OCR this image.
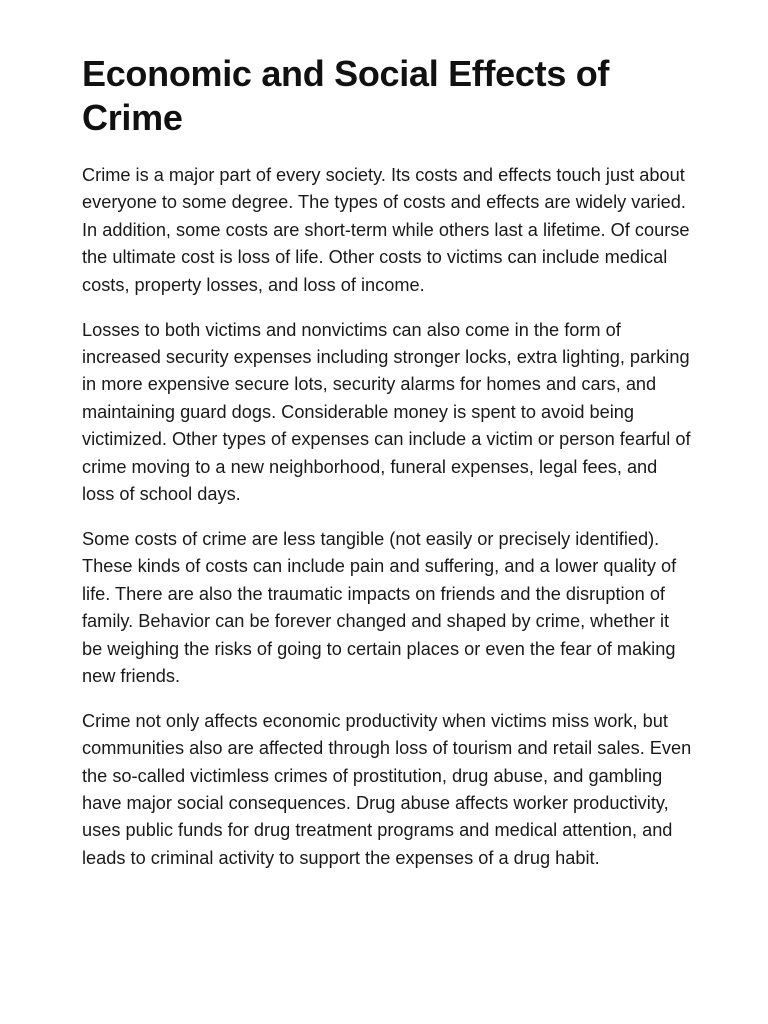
Economic and Social Effects of Crime

Crime is a major part of every society. Its costs and effects touch just about everyone to some degree. The types of costs and effects are widely varied. In addition, some costs are short-term while others last a lifetime. Of course the ultimate cost is loss of life. Other costs to victims can include medical costs, property losses, and loss of income.

Losses to both victims and nonvictims can also come in the form of increased security expenses including stronger locks, extra lighting, parking in more expensive secure lots, security alarms for homes and cars, and maintaining guard dogs. Considerable money is spent to avoid being victimized. Other types of expenses can include a victim or person fearful of crime moving to a new neighborhood, funeral expenses, legal fees, and loss of school days.

Some costs of crime are less tangible (not easily or precisely identified). These kinds of costs can include pain and suffering, and a lower quality of life. There are also the traumatic impacts on friends and the disruption of family. Behavior can be forever changed and shaped by crime, whether it be weighing the risks of going to certain places or even the fear of making new friends.

Crime not only affects economic productivity when victims miss work, but communities also are affected through loss of tourism and retail sales. Even the so-called victimless crimes of prostitution, drug abuse, and gambling have major social consequences. Drug abuse affects worker productivity, uses public funds for drug treatment programs and medical attention, and leads to criminal activity to support the expenses of a drug habit.
